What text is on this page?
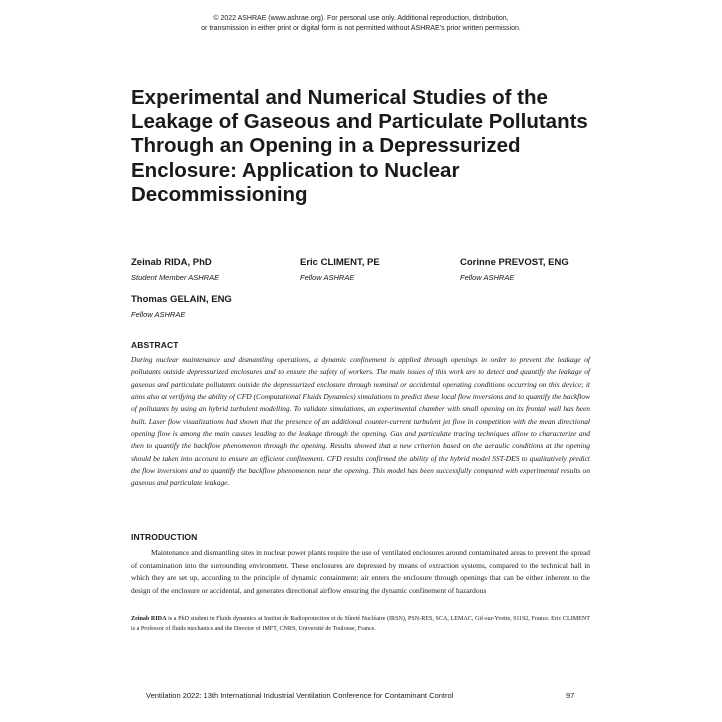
© 2022 ASHRAE (www.ashrae.org). For personal use only. Additional reproduction, distribution,
or transmission in either print or digital form is not permitted without ASHRAE’s prior written permission.
Experimental and Numerical Studies of the Leakage of Gaseous and Particulate Pollutants Through an Opening in a Depressurized Enclosure: Application to Nuclear Decommissioning
Zeinab RIDA, PhD
Student Member ASHRAE
Eric CLIMENT, PE
Fellow ASHRAE
Corinne PREVOST, ENG
Fellow ASHRAE
Thomas GELAIN, ENG
Fellow ASHRAE
ABSTRACT

During nuclear maintenance and dismantling operations, a dynamic confinement is applied through openings in order to prevent the leakage of pollutants outside depressurized enclosures and to ensure the safety of workers. The main issues of this work are to detect and quantify the leakage of gaseous and particulate pollutants outside the depressurized enclosure through nominal or accidental operating conditions occurring on this device; it aims also at verifying the ability of CFD (Computational Fluids Dynamics) simulations to predict these local flow inversions and to quantify the backflow of pollutants by using an hybrid turbulent modelling. To validate simulations, an experimental chamber with small opening on its frontal wall has been built. Laser flow visualizations had shown that the presence of an additional counter-current turbulent jet flow in competition with the mean directional opening flow is among the main causes leading to the leakage through the opening. Gas and particulate tracing techniques allow to characterize and then to quantify the backflow phenomenon through the opening. Results showed that a new criterion based on the aeraulic conditions at the opening should be taken into account to ensure an efficient confinement. CFD results confirmed the ability of the hybrid model SST-DES to qualitatively predict the flow inversions and to quantify the backflow phenomenon near the opening. This model has been successfully compared with experimental results on gaseous and particulate leakage.

INTRODUCTION

Maintenance and dismantling sites in nuclear power plants require the use of ventilated enclosures around contaminated areas to prevent the spread of contamination into the surrounding environment. These enclosures are depressed by means of extraction systems, compared to the technical hall in which they are set up, according to the principle of dynamic containment: air enters the enclosure through openings that can be either inherent to the design of the enclosure or accidental, and generates directional airflow ensuring the dynamic confinement of hazardous

Zeinab RIDA is a PhD student in Fluids dynamics at Institut de Radioprotection et de Sûreté Nucléaire (IRSN), PSN-RES, SCA, LEMAC, Gif-sur-Yvette, 91192, France. Eric CLIMENT is a Professor of fluids mechanics and the Director of IMFT, CNRS, Université de Toulouse, France.

Ventilation 2022: 13th International Industrial Ventilation Conference for Contaminant Control	97
